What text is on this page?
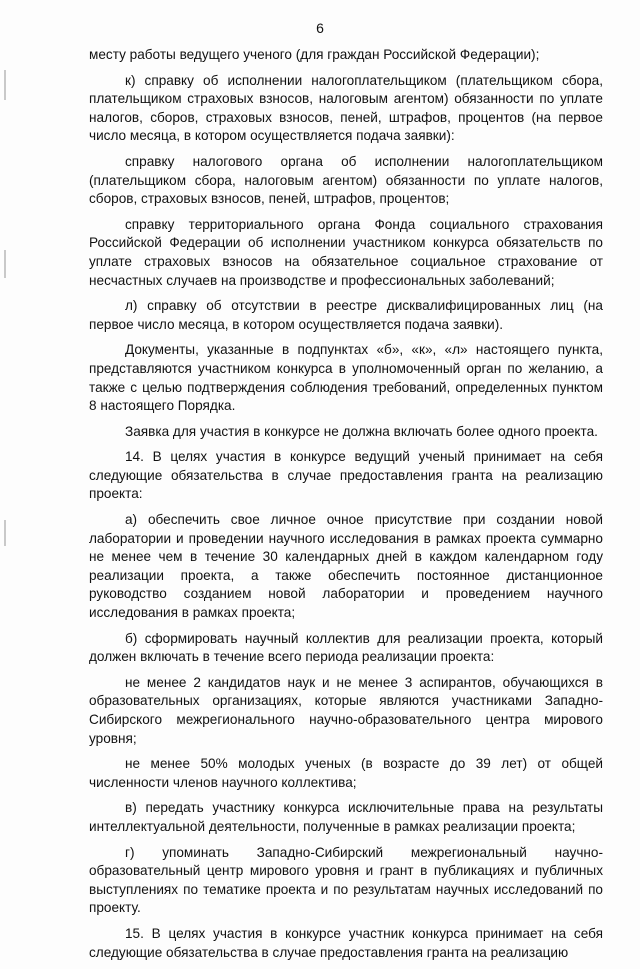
6

месту работы ведущего ученого (для граждан Российской Федерации);

к) справку об исполнении налогоплательщиком (плательщиком сбора, плательщиком страховых взносов, налоговым агентом) обязанности по уплате налогов, сборов, страховых взносов, пеней, штрафов, процентов (на первое число месяца, в котором осуществляется подача заявки):

справку налогового органа об исполнении налогоплательщиком (плательщиком сбора, налоговым агентом) обязанности по уплате налогов, сборов, страховых взносов, пеней, штрафов, процентов;

справку территориального органа Фонда социального страхования Российской Федерации об исполнении участником конкурса обязательств по уплате страховых взносов на обязательное социальное страхование от несчастных случаев на производстве и профессиональных заболеваний;

л) справку об отсутствии в реестре дисквалифицированных лиц (на первое число месяца, в котором осуществляется подача заявки).

Документы, указанные в подпунктах «б», «к», «л» настоящего пункта, представляются участником конкурса в уполномоченный орган по желанию, а также с целью подтверждения соблюдения требований, определенных пунктом 8 настоящего Порядка.

Заявка для участия в конкурсе не должна включать более одного проекта.

14. В целях участия в конкурсе ведущий ученый принимает на себя следующие обязательства в случае предоставления гранта на реализацию проекта:

а) обеспечить свое личное очное присутствие при создании новой лаборатории и проведении научного исследования в рамках проекта суммарно не менее чем в течение 30 календарных дней в каждом календарном году реализации проекта, а также обеспечить постоянное дистанционное руководство созданием новой лаборатории и проведением научного исследования в рамках проекта;

б) сформировать научный коллектив для реализации проекта, который должен включать в течение всего периода реализации проекта:

не менее 2 кандидатов наук и не менее 3 аспирантов, обучающихся в образовательных организациях, которые являются участниками Западно-Сибирского межрегионального научно-образовательного центра мирового уровня;

не менее 50% молодых ученых (в возрасте до 39 лет) от общей численности членов научного коллектива;

в) передать участнику конкурса исключительные права на результаты интеллектуальной деятельности, полученные в рамках реализации проекта;

г) упоминать Западно-Сибирский межрегиональный научно-образовательный центр мирового уровня и грант в публикациях и публичных выступлениях по тематике проекта и по результатам научных исследований по проекту.

15. В целях участия в конкурсе участник конкурса принимает на себя следующие обязательства в случае предоставления гранта на реализацию
